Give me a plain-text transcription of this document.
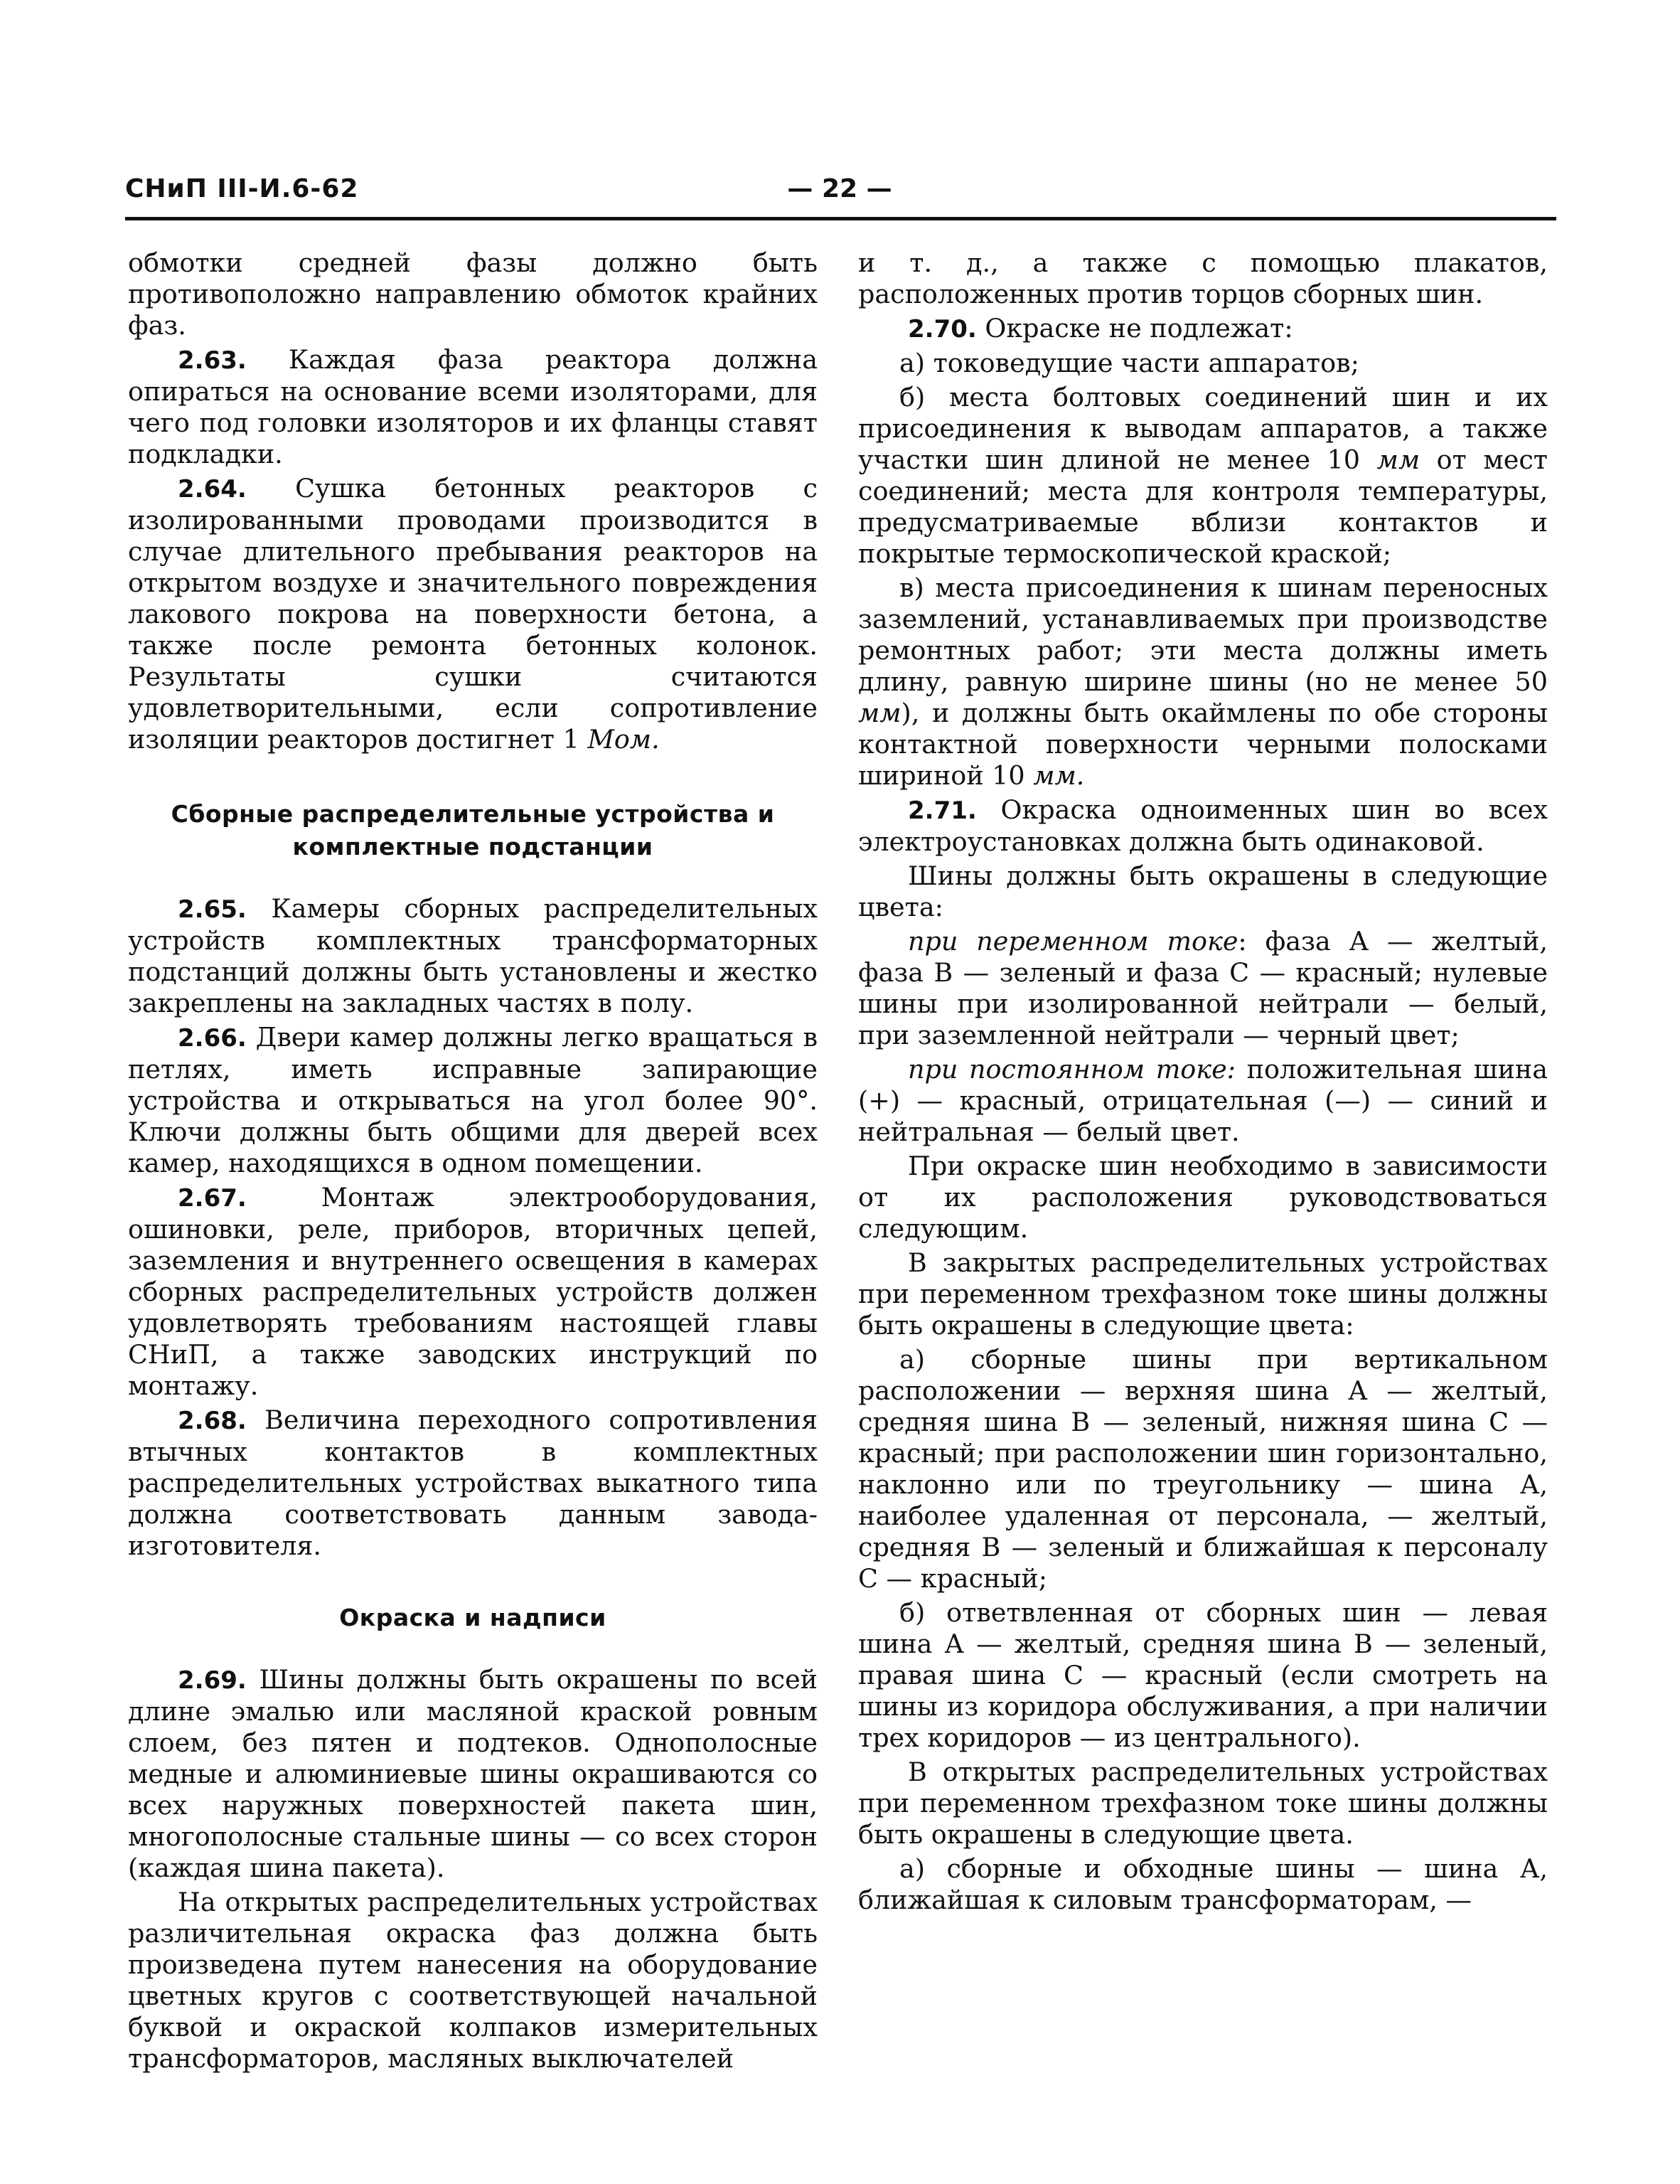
СНиП III-И.6-62	— 22 —

обмотки средней фазы должно быть противоположно направлению обмоток крайних фаз.

2.63. Каждая фаза реактора должна опираться на основание всеми изоляторами, для чего под головки изоляторов и их фланцы ставят подкладки.

2.64. Сушка бетонных реакторов с изолированными проводами производится в случае длительного пребывания реакторов на открытом воздухе и значительного повреждения лакового покрова на поверхности бетона, а также после ремонта бетонных колонок. Результаты сушки считаются удовлетворительными, если сопротивление изоляции реакторов достигнет 1 Мом.

Сборные распределительные устройства и комплектные подстанции

2.65. Камеры сборных распределительных устройств комплектных трансформаторных подстанций должны быть установлены и жестко закреплены на закладных частях в полу.

2.66. Двери камер должны легко вращаться в петлях, иметь исправные запирающие устройства и открываться на угол более 90°. Ключи должны быть общими для дверей всех камер, находящихся в одном помещении.

2.67.	Монтаж электрооборудования, ошиновки, реле, приборов, вторичных цепей, заземления и внутреннего освещения в камерах сборных распределительных устройств должен удовлетворять требованиям настоящей главы СНиП, а также заводских инструкций по монтажу.

2.68. Величина переходного сопротивления втычных контактов в комплектных распределительных устройствах выкатного типа должна соответствовать данным завода-изготовителя.

Окраска и надписи

2.69. Шины должны быть окрашены по всей длине эмалью или масляной краской ровным слоем, без пятен и подтеков. Однополосные медные и алюминиевые шины окрашиваются со всех наружных поверхностей пакета шин, многополосные стальные шины — со всех сторон (каждая шина пакета).

На открытых распределительных устройствах различительная окраска фаз должна быть произведена путем нанесения на оборудование цветных кругов с соответствующей начальной буквой и окраской колпаков измерительных трансформаторов, масляных выключателей

и т. д., а также с помощью плакатов, расположенных против торцов сборных шин.

2.70. Окраске не подлежат:

а) токоведущие части аппаратов;

б) места болтовых соединений шин и их присоединения к выводам аппаратов, а также участки шин длиной не менее 10 мм от мест соединений; места для контроля температуры, предусматриваемые вблизи контактов и покрытые термоскопической краской;

в) места присоединения к шинам переносных заземлений, устанавливаемых при производстве ремонтных работ; эти места должны иметь длину, равную ширине шины (но не менее 50 мм), и должны быть окаймлены по обе стороны контактной поверхности черными полосками шириной 10 мм.

2.71. Окраска одноименных шин во всех электроустановках должна быть одинаковой.

Шины должны быть окрашены в следующие цвета:

при переменном токе: фаза А — желтый, фаза В — зеленый и фаза С — красный; нулевые шины при изолированной нейтрали — белый, при заземленной нейтрали — черный цвет;

при постоянном токе: положительная шина (+) — красный, отрицательная (—) — синий и нейтральная — белый цвет.

При окраске шин необходимо в зависимости от их расположения руководствоваться следующим.

В закрытых распределительных устройствах при переменном трехфазном токе шины должны быть окрашены в следующие цвета:

а) сборные шины при вертикальном расположении — верхняя шина А — желтый, средняя шина В — зеленый, нижняя шина С — красный; при расположении шин горизонтально, наклонно или по треугольнику — шина А, наиболее удаленная от персонала, — желтый, средняя В — зеленый и ближайшая к персоналу С — красный;

б) ответвленная от сборных шин — левая шина А — желтый, средняя шина В — зеленый, правая шина С — красный (если смотреть на шины из коридора обслуживания, а при наличии трех коридоров — из центрального).

В открытых распределительных устройствах при переменном трехфазном токе шины должны быть окрашены в следующие цвета.

а) сборные и обходные шины — шина А, ближайшая к силовым трансформаторам, —
